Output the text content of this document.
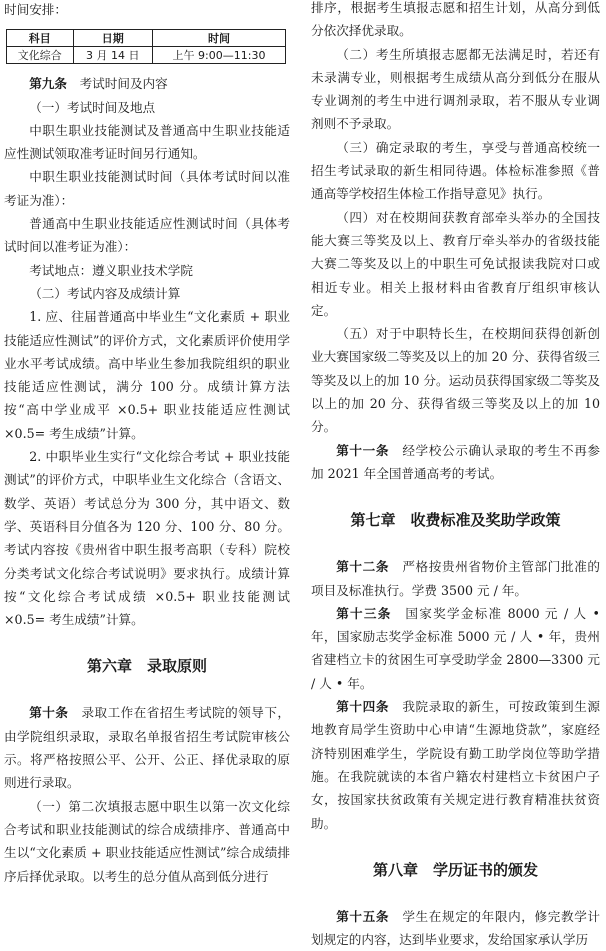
时间安排：

科目	日期	时间
文化综合	3 月 14 日	上午 9:00—11:30

第九条　 考试时间及内容

（一）考试时间及地点

中职生职业技能测试及普通高中生职业技能适应性测试领取准考证时间另行通知。

中职生职业技能测试时间（具体考试时间以准考证为准）：

普通高中生职业技能适应性测试时间（具体考试时间以准考证为准）：

考试地点：遵义职业技术学院

（二）考试内容及成绩计算

1. 应、往届普通高中毕业生“文化素质 + 职业技能适应性测试”的评价方式，文化素质评价使用学业水平考试成绩。高中毕业生参加我院组织的职业技能适应性测试，满分 100 分。成绩计算方法按“高中学业成平 ×0.5+ 职业技能适应性测试 ×0.5= 考生成绩”计算。

2. 中职毕业生实行“文化综合考试 + 职业技能测试”的评价方式，中职毕业生文化综合（含语文、数学、英语）考试总分为 300 分，其中语文、数学、英语科目分值各为 120 分、100 分、80 分。考试内容按《贵州省中职生报考高职（专科）院校分类考试文化综合考试说明》要求执行。成绩计算按“文化综合考试成绩 ×0.5+ 职业技能测试 ×0.5= 考生成绩”计算。

第六章　录取原则

第十条　 录取工作在省招生考试院的领导下，由学院组织录取，录取名单报省招生考试院审核公示。将严格按照公平、公开、公正、择优录取的原则进行录取。

（一）第二次填报志愿中职生以第一次文化综合考试和职业技能测试的综合成绩排序、普通高中生以“文化素质 + 职业技能适应性测试”综合成绩排序后择优录取。以考生的总分值从高到低分进行

排序，根据考生填报志愿和招生计划，从高分到低分依次择优录取。

（二）考生所填报志愿都无法满足时，若还有未录满专业，则根据考生成绩从高分到低分在服从专业调剂的考生中进行调剂录取，若不服从专业调剂则不予录取。

（三）确定录取的考生，享受与普通高校统一招生考试录取的新生相同待遇。体检标准参照《普通高等学校招生体检工作指导意见》执行。

（四）对在校期间获教育部牵头举办的全国技能大赛三等奖及以上、教育厅牵头举办的省级技能大赛二等奖及以上的中职生可免试报读我院对口或相近专业。相关上报材料由省教育厅组织审核认定。

（五）对于中职特长生，在校期间获得创新创业大赛国家级二等奖及以上的加 20 分、获得省级三等奖及以上的加 10 分。运动员获得国家级二等奖及以上的加 20 分、获得省级三等奖及以上的加 10 分。

第十一条　 经学校公示确认录取的考生不再参加 2021 年全国普通高考的考试。

第七章　收费标准及奖助学政策

第十二条　 严格按贵州省物价主管部门批准的项目及标准执行。学费 3500 元 / 年。

第十三条　 国家奖学金标准 8000 元 / 人 • 年，国家励志奖学金标准 5000 元 / 人 • 年，贵州省建档立卡的贫困生可享受助学金 2800—3300 元 / 人 • 年。

第十四条　 我院录取的新生，可按政策到生源地教育局学生资助中心申请“生源地贷款”，家庭经济特别困难学生，学院设有勤工助学岗位等助学措施。在我院就读的本省户籍农村建档立卡贫困户子女，按国家扶贫政策有关规定进行教育精准扶贫资助。

第八章　学历证书的颁发

第十五条　 学生在规定的年限内，修完教学计划规定的内容，达到毕业要求，发给国家承认学历
